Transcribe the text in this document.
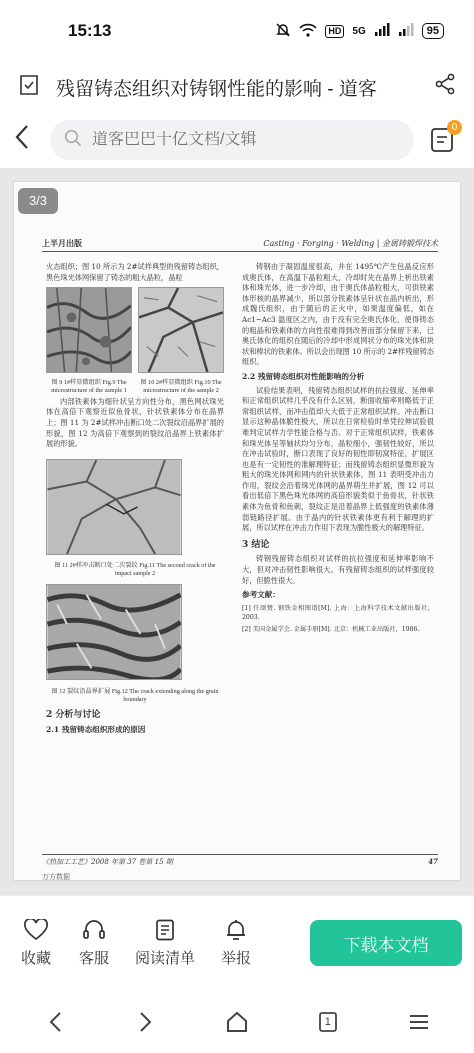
15:13	HD	5G	95
残留铸态组织对铸钢性能的影响 - 道客
道客巴巴十亿文档/文辑
0
3/3
上半月出版	Casting · Forging · Welding | 金属铸锻焊技术

火态组织；图 10 所示为 2#试样典型的残留铸态组织，黑色珠光体网保留了铸态的粗大晶粒，晶粒

图 9 1#样显微组织 Fig.9 The microstructure of the sample 1
图 10 2#样显微组织 Fig.10 The microstructure of the sample 2

内部铁素体为细针状呈方向性分布，黑色网状珠光体在高倍下观察近似鱼骨状，针状铁素体分布在晶界上；图 11 为 2#试样冲击断口处二次裂纹沿晶界扩展的形貌，图 12 为高倍下观察到的裂纹沿晶界上铁素体扩展的形貌。

图 11 2#样冲击断口处二次裂纹 Fig.11 The second crack of the impact sample 2
图 12 裂纹沿晶界扩展 Fig.12 The crack extending along the grain boundary

2 分析与讨论

2.1 残留铸态组织形成的原因

铸钢由于凝固温度很高，并在 1495℃产生包晶反应形成奥氏体，在高温下晶粒粗大，冷却时先在晶界上析出铁素体和珠光体，进一步冷却，由于奥氏体晶粒粗大，可供铁素体形核的晶界减少，所以部分铁素体呈针状在晶内析出，形成魏氏组织，由于随后的正火中，如果温度偏低，如在 Ac1~Ac3 温度区之内，由于没有完全奥氏体化，使得铸态的粗晶和铁素体的方向性很难得到改善而部分保留下来，已奥氏体化的组织在随后的冷却中形成网状分布的珠光体和块状和棒状的铁素体。所以会出现图 10 所示的 2#样残留铸态组织。

2.2 残留铸态组织对性能影响的分析

试验结果表明，残留铸态组织试样的抗拉强度、延伸率和正常组织试样几乎没有什么区别，断面收缩率则略低于正常组织试样，而冲击值却大大低于正常组织试样。冲击断口显示这种晶体脆性极大，所以在日常检验时单凭拉伸试验很难判定试样力学性能合格与否。对于正常组织试样，铁素体和珠光体呈等轴状均匀分布，晶粒细小，强韧性较好，所以在冲击试验时，断口表现了良好的韧性即韧窝特征，扩展区也是有一定韧性的准解理特征；而残留铸态组织显微形貌为粗大的珠光体网和网内的针状铁素体，图 11 表明受冲击力作用，裂纹会沿着珠光体网的晶界萌生并扩展，图 12 可以看出低倍下黑色珠光体网的高倍形貌类似于鱼骨状，针状铁素体为鱼骨和鱼刺，裂纹正是沿着晶界上低强度的铁素体薄弱链路径扩展。由于晶内的针状铁素体更有利于解理的扩展，所以试样在冲击力作用下表现为脆性极大的解理特征。

3 结论

铸钢残留铸态组织对试样的抗拉强度和延伸率影响不大，但对冲击韧性影响很大。有残留铸态组织的试样强度较好，但脆性很大。

参考文献：

[1] 任颂赞. 钢铁金相图谱[M]. 上海：上海科学技术文献出版社，2003.

[2] 美国金属学会. 金属手册[M]. 北京：机械工业出版社，1986.

《热加工工艺》2008 年第 37 卷第 15 期	47
万方数据
收藏 客服 阅读清单 举报
下载本文档
1
